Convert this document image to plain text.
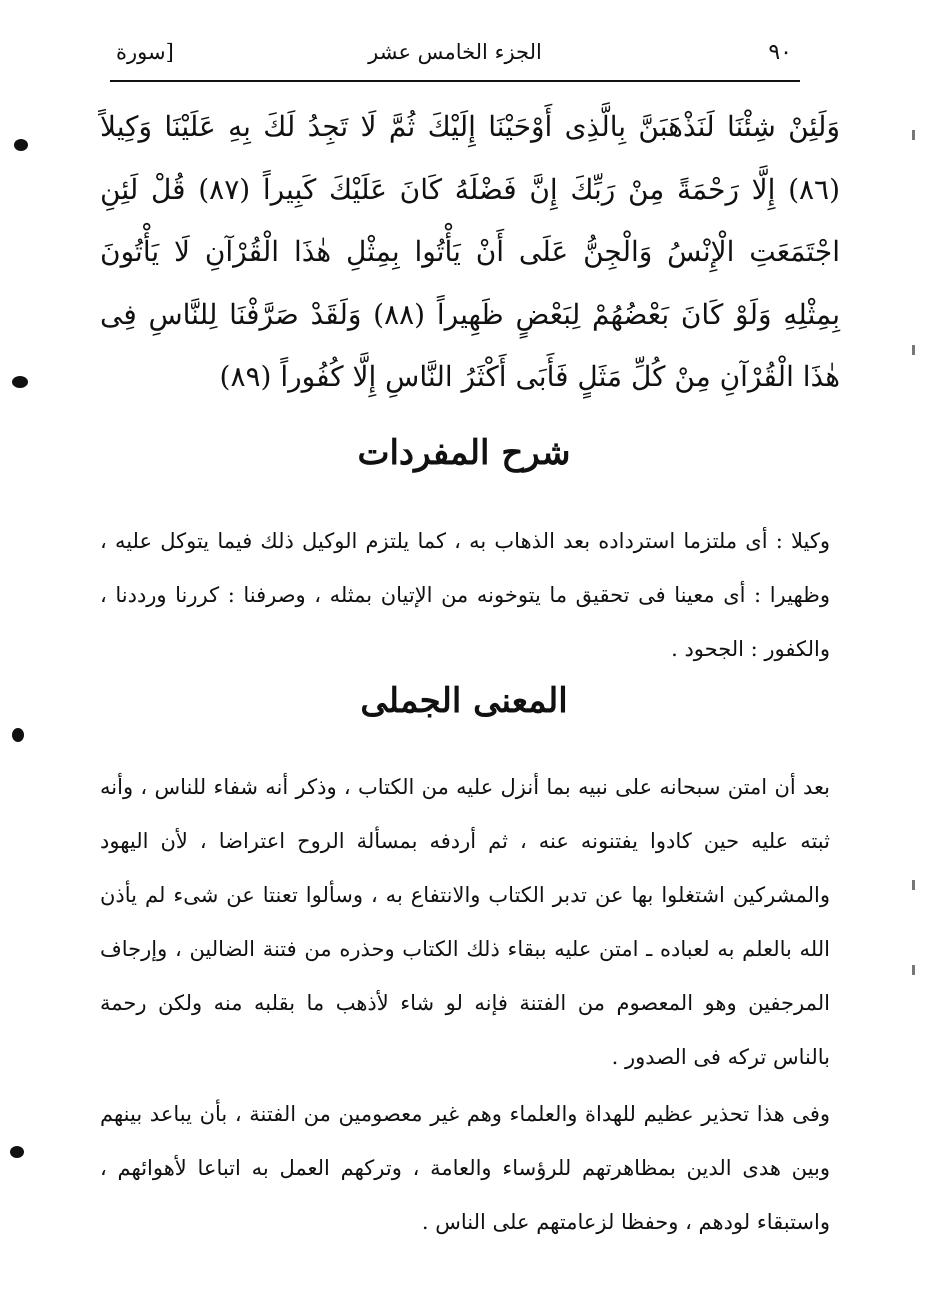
٩٠
الجزء الخامس عشر
[سورة
وَلَئِنْ شِئْنَا لَنَذْهَبَنَّ بِالَّذِى أَوْحَيْنَا إِلَيْكَ ثُمَّ لَا تَجِدُ لَكَ بِهِ عَلَيْنَا وَكِيلاً (٨٦) إِلَّا رَحْمَةً مِنْ رَبِّكَ إِنَّ فَضْلَهُ كَانَ عَلَيْكَ كَبِيراً (٨٧) قُلْ لَئِنِ اجْتَمَعَتِ الْإِنْسُ وَالْجِنُّ عَلَى أَنْ يَأْتُوا بِمِثْلِ هٰذَا الْقُرْآنِ لَا يَأْتُونَ بِمِثْلِهِ وَلَوْ كَانَ بَعْضُهُمْ لِبَعْضٍ ظَهِيراً (٨٨) وَلَقَدْ صَرَّفْنَا لِلنَّاسِ فِى هٰذَا الْقُرْآنِ مِنْ كُلِّ مَثَلٍ فَأَبَى أَكْثَرُ النَّاسِ إِلَّا كُفُوراً (٨٩)
شرح المفردات
وكيلا : أى ملتزما استرداده بعد الذهاب به ، كما يلتزم الوكيل ذلك فيما يتوكل عليه ، وظهيرا : أى معينا فى تحقيق ما يتوخونه من الإتيان بمثله ، وصرفنا : كررنا ورددنا ، والكفور : الجحود .
المعنى الجملى
بعد أن امتن سبحانه على نبيه بما أنزل عليه من الكتاب ، وذكر أنه شفاء للناس ، وأنه ثبته عليه حين كادوا يفتنونه عنه ، ثم أردفه بمسألة الروح اعتراضا ، لأن اليهود والمشركين اشتغلوا بها عن تدبر الكتاب والانتفاع به ، وسألوا تعنتا عن شىء لم يأذن الله بالعلم به لعباده ـ امتن عليه ببقاء ذلك الكتاب وحذره من فتنة الضالين ، وإرجاف المرجفين وهو المعصوم من الفتنة فإنه لو شاء لأذهب ما بقلبه منه ولكن رحمة بالناس تركه فى الصدور .
وفى هذا تحذير عظيم للهداة والعلماء وهم غير معصومين من الفتنة ، بأن يباعد بينهم وبين هدى الدين بمظاهرتهم للرؤساء والعامة ، وتركهم العمل به اتباعا لأهوائهم ، واستبقاء لودهم ، وحفظا لزعامتهم على الناس .
